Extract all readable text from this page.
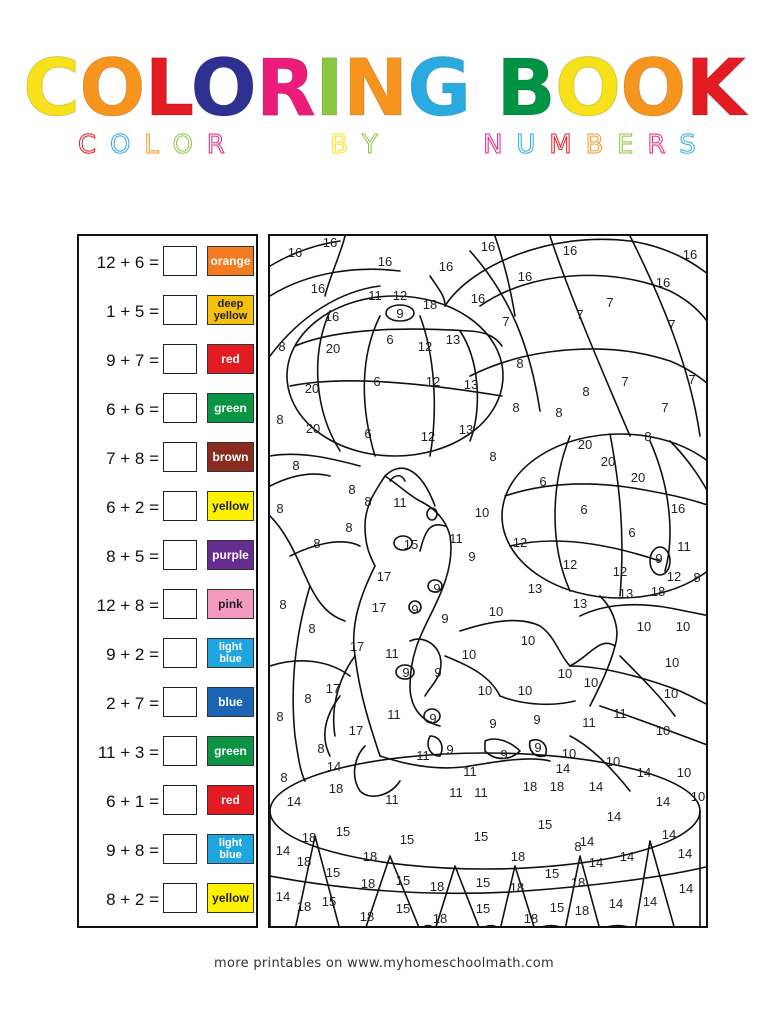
COLORING BOOK
C O L O R	B Y	N U M B E R S
12 + 6 =	orange
1 + 5 =	deep yellow
9 + 7 =	red
6 + 6 =	green
7 + 8 =	brown
6 + 2 =	yellow
8 + 5 =	purple
12 + 8 =	pink
9 + 2 =	light blue
2 + 7 =	blue
11 + 3 =	green
6 + 1 =	red
9 + 8 =	light blue
8 + 2 =	yellow
16
16
16
16
16
16
16	16
16
16	11 12
18	16
16	9
7
7
7	7
6 12 13
20
8
8
7	7
8
20	6	12 13
8	8	7
8
20	6	12 13	8
20
20
8
8
6	20
8
8 11
8	10	6	16
11	12
6
11
8
8
15
9
17
12	12
9
12 8
13
13
13 18
9
8	17 9
9	10
8	10 10
17 11
10
10
9 9	10
10
17
8
10 10
10
10
8	11 9	9	11
11
10
17
9
8	11 9	9 9 10
14	11
10
10
14
8
18
11	11 11	18 18 14
14
14 10
14
15
15	15
15
14
14
14
14
18
14
18	18	18	14 14
8
15
18 15 18 15 18
15
18
14
18 15
18
15
18
15
18
15 18 14 14
14
more printables on www.myhomeschoolmath.com
